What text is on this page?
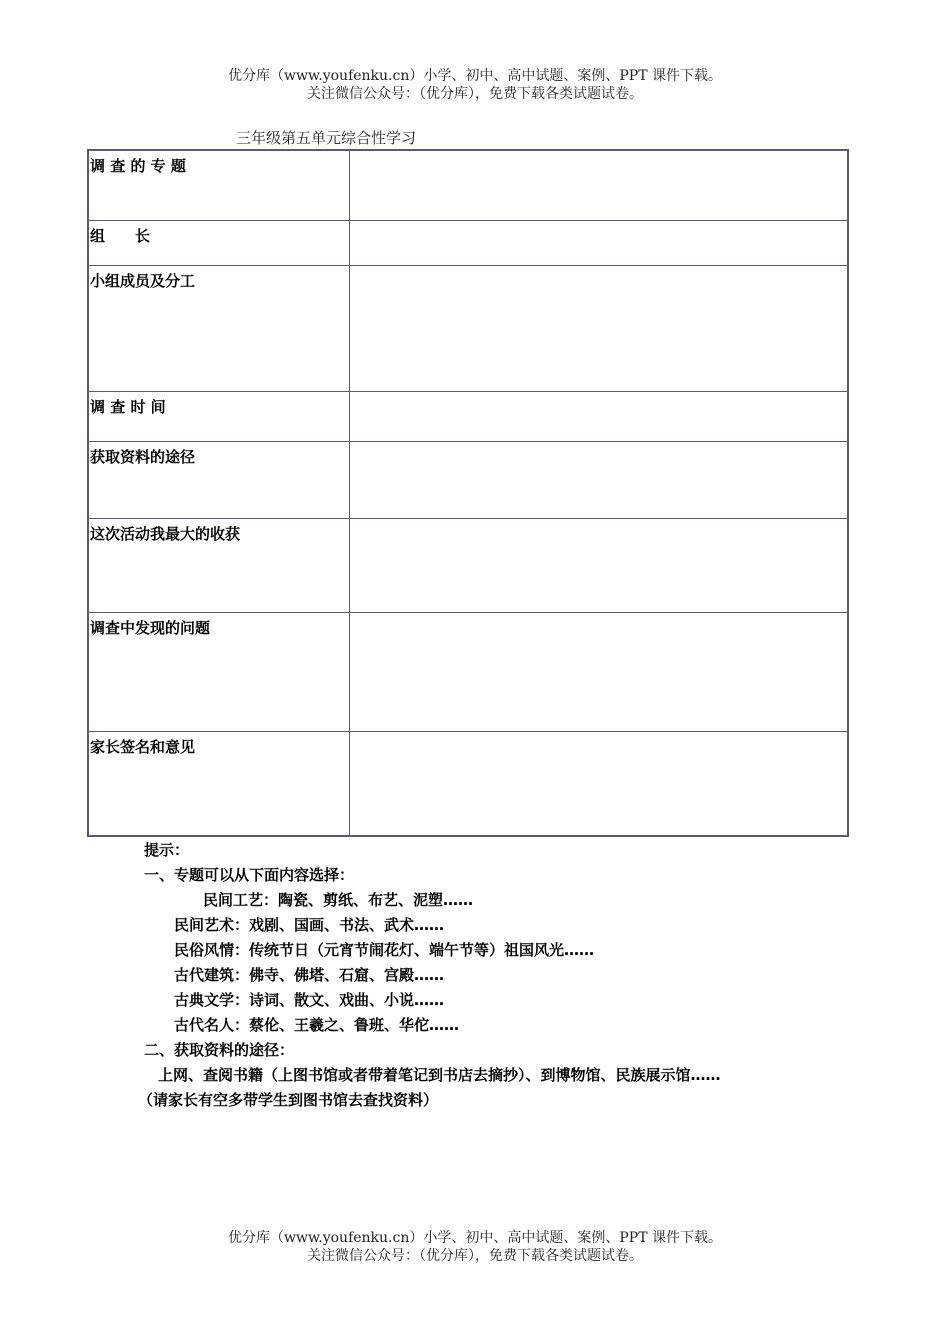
优分库（www.youfenku.cn）小学、初中、高中试题、案例、PPT 课件下载。
关注微信公众号：（优分库），免费下载各类试题试卷。
三年级第五单元综合性学习
调 查 的 专 题	
组　　长	
小组成员及分工	
调 查 时 间	
获取资料的途径	
这次活动我最大的收获	
调查中发现的问题	
家长签名和意见	
提示：
一、专题可以从下面内容选择：
民间工艺：陶瓷、剪纸、布艺、泥塑……
民间艺术：戏剧、国画、书法、武术……
民俗风情：传统节日（元宵节闹花灯、端午节等）祖国风光……
古代建筑：佛寺、佛塔、石窟、宫殿……
古典文学：诗词、散文、戏曲、小说……
古代名人：蔡伦、王羲之、鲁班、华佗……
二、获取资料的途径：
上网、查阅书籍（上图书馆或者带着笔记到书店去摘抄）、到博物馆、民族展示馆……
（请家长有空多带学生到图书馆去查找资料）
优分库（www.youfenku.cn）小学、初中、高中试题、案例、PPT 课件下载。
关注微信公众号：（优分库），免费下载各类试题试卷。
